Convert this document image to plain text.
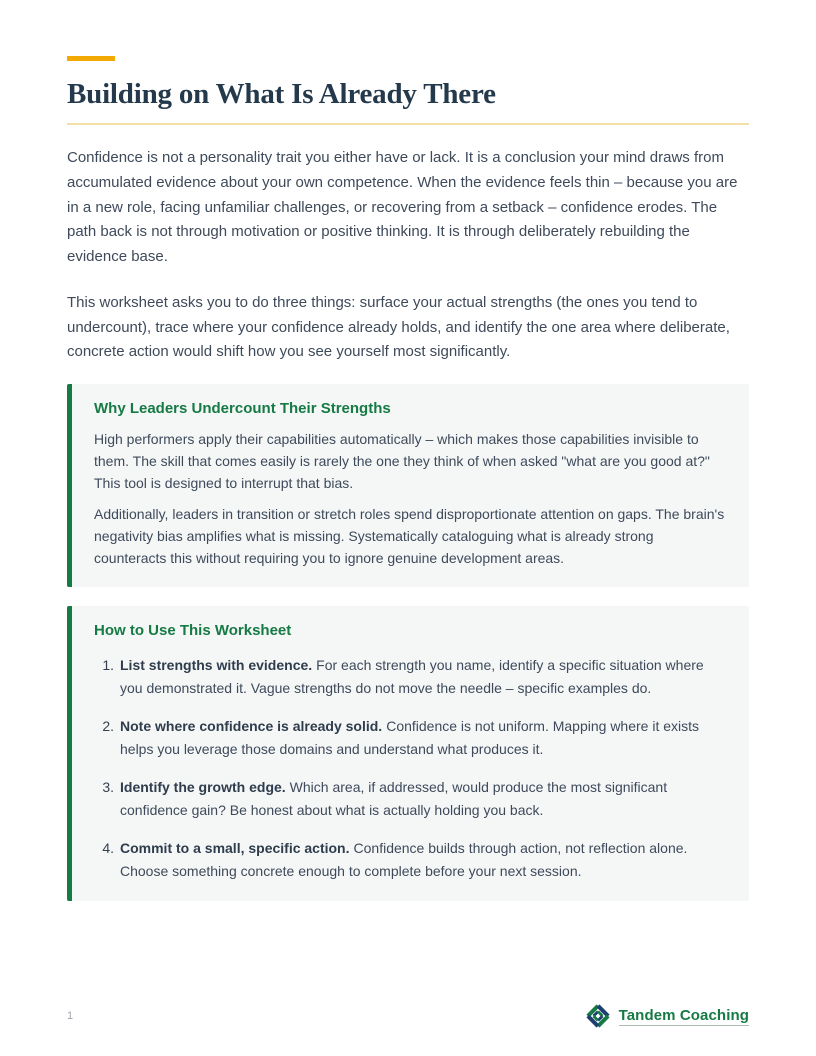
Building on What Is Already There

Confidence is not a personality trait you either have or lack. It is a conclusion your mind draws from accumulated evidence about your own competence. When the evidence feels thin – because you are in a new role, facing unfamiliar challenges, or recovering from a setback – confidence erodes. The path back is not through motivation or positive thinking. It is through deliberately rebuilding the evidence base.

This worksheet asks you to do three things: surface your actual strengths (the ones you tend to undercount), trace where your confidence already holds, and identify the one area where deliberate, concrete action would shift how you see yourself most significantly.

Why Leaders Undercount Their Strengths

High performers apply their capabilities automatically – which makes those capabilities invisible to them. The skill that comes easily is rarely the one they think of when asked "what are you good at?" This tool is designed to interrupt that bias.

Additionally, leaders in transition or stretch roles spend disproportionate attention on gaps. The brain's negativity bias amplifies what is missing. Systematically cataloguing what is already strong counteracts this without requiring you to ignore genuine development areas.

How to Use This Worksheet
1. List strengths with evidence. For each strength you name, identify a specific situation where you demonstrated it. Vague strengths do not move the needle – specific examples do.
2. Note where confidence is already solid. Confidence is not uniform. Mapping where it exists helps you leverage those domains and understand what produces it.
3. Identify the growth edge. Which area, if addressed, would produce the most significant confidence gain? Be honest about what is actually holding you back.
4. Commit to a small, specific action. Confidence builds through action, not reflection alone. Choose something concrete enough to complete before your next session.
1	Tandem Coaching
